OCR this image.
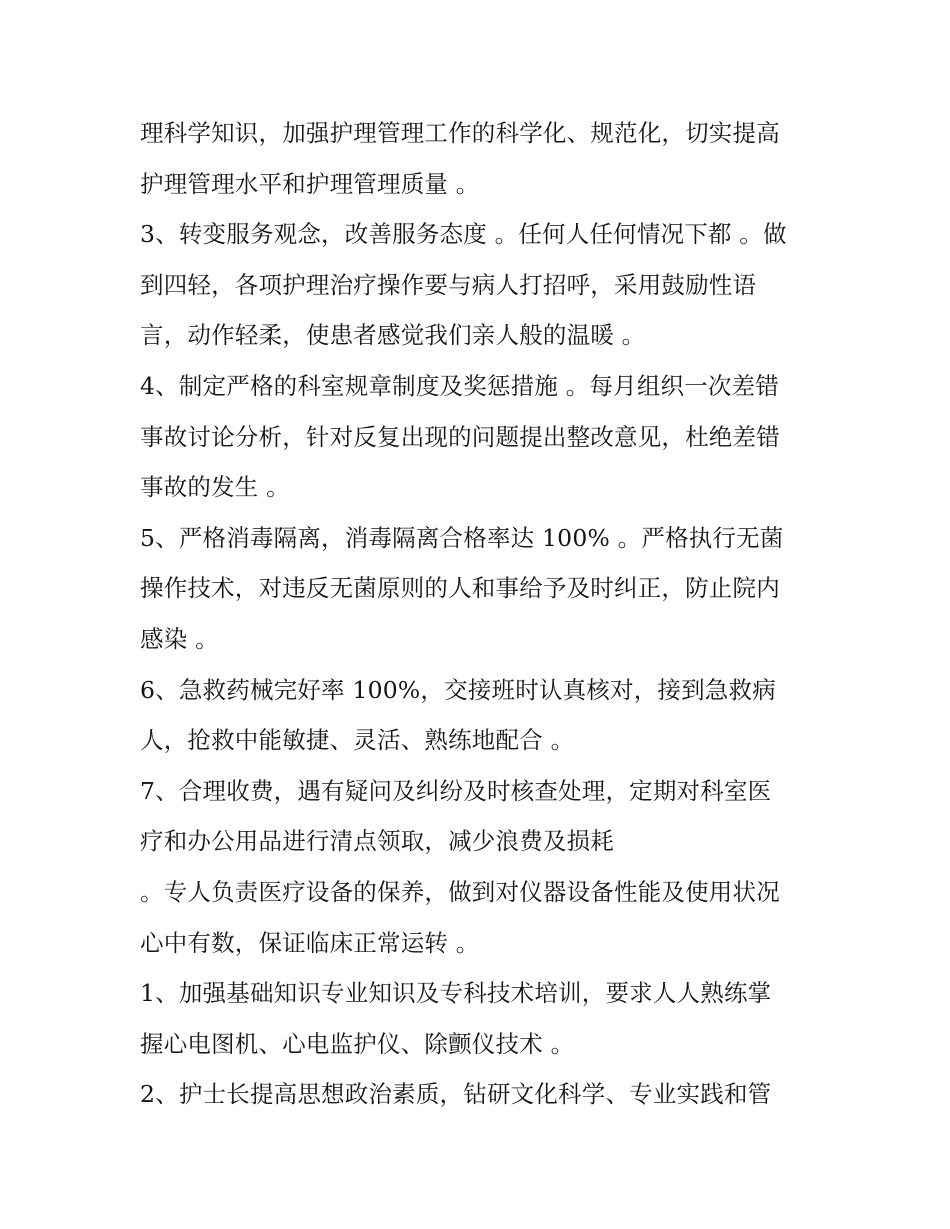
理科学知识，加强护理管理工作的科学化、规范化，切实提高
护理管理水平和护理管理质量 。
3、转变服务观念，改善服务态度 。任何人任何情况下都 。做
到四轻，各项护理治疗操作要与病人打招呼，采用鼓励性语
言，动作轻柔，使患者感觉我们亲人般的温暖 。
4、制定严格的科室规章制度及奖惩措施 。每月组织一次差错
事故讨论分析，针对反复出现的问题提出整改意见，杜绝差错
事故的发生 。
5、严格消毒隔离，消毒隔离合格率达 100% 。严格执行无菌
操作技术，对违反无菌原则的人和事给予及时纠正，防止院内
感染 。
6、急救药械完好率 100%，交接班时认真核对，接到急救病
人，抢救中能敏捷、灵活、熟练地配合 。
7、合理收费，遇有疑问及纠纷及时核查处理，定期对科室医
疗和办公用品进行清点领取，减少浪费及损耗
。专人负责医疗设备的保养，做到对仪器设备性能及使用状况
心中有数，保证临床正常运转 。
1、加强基础知识专业知识及专科技术培训，要求人人熟练掌
握心电图机、心电监护仪、除颤仪技术 。
2、护士长提高思想政治素质，钻研文化科学、专业实践和管
